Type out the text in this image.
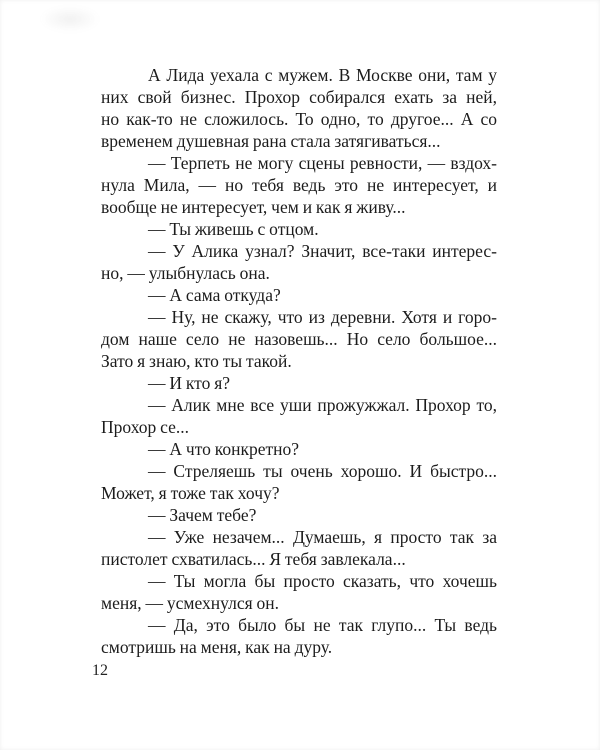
А Лида уехала с мужем. В Москве они, там у
них свой бизнес. Прохор собирался ехать за ней,
но как-то не сложилось. То одно, то другое... А со
временем душевная рана стала затягиваться...
— Терпеть не могу сцены ревности, — вздох-
нула Мила, — но тебя ведь это не интересует, и
вообще не интересует, чем и как я живу...
— Ты живешь с отцом.
— У Алика узнал? Значит, все-таки интерес-
но, — улыбнулась она.
— А сама откуда?
— Ну, не скажу, что из деревни. Хотя и горо-
дом наше село не назовешь... Но село большое...
Зато я знаю, кто ты такой.
— И кто я?
— Алик мне все уши прожужжал. Прохор то,
Прохор се...
— А что конкретно?
— Стреляешь ты очень хорошо. И быстро...
Может, я тоже так хочу?
— Зачем тебе?
— Уже незачем... Думаешь, я просто так за
пистолет схватилась... Я тебя завлекала...
— Ты могла бы просто сказать, что хочешь
меня, — усмехнулся он.
— Да, это было бы не так глупо... Ты ведь
смотришь на меня, как на дуру.
12
